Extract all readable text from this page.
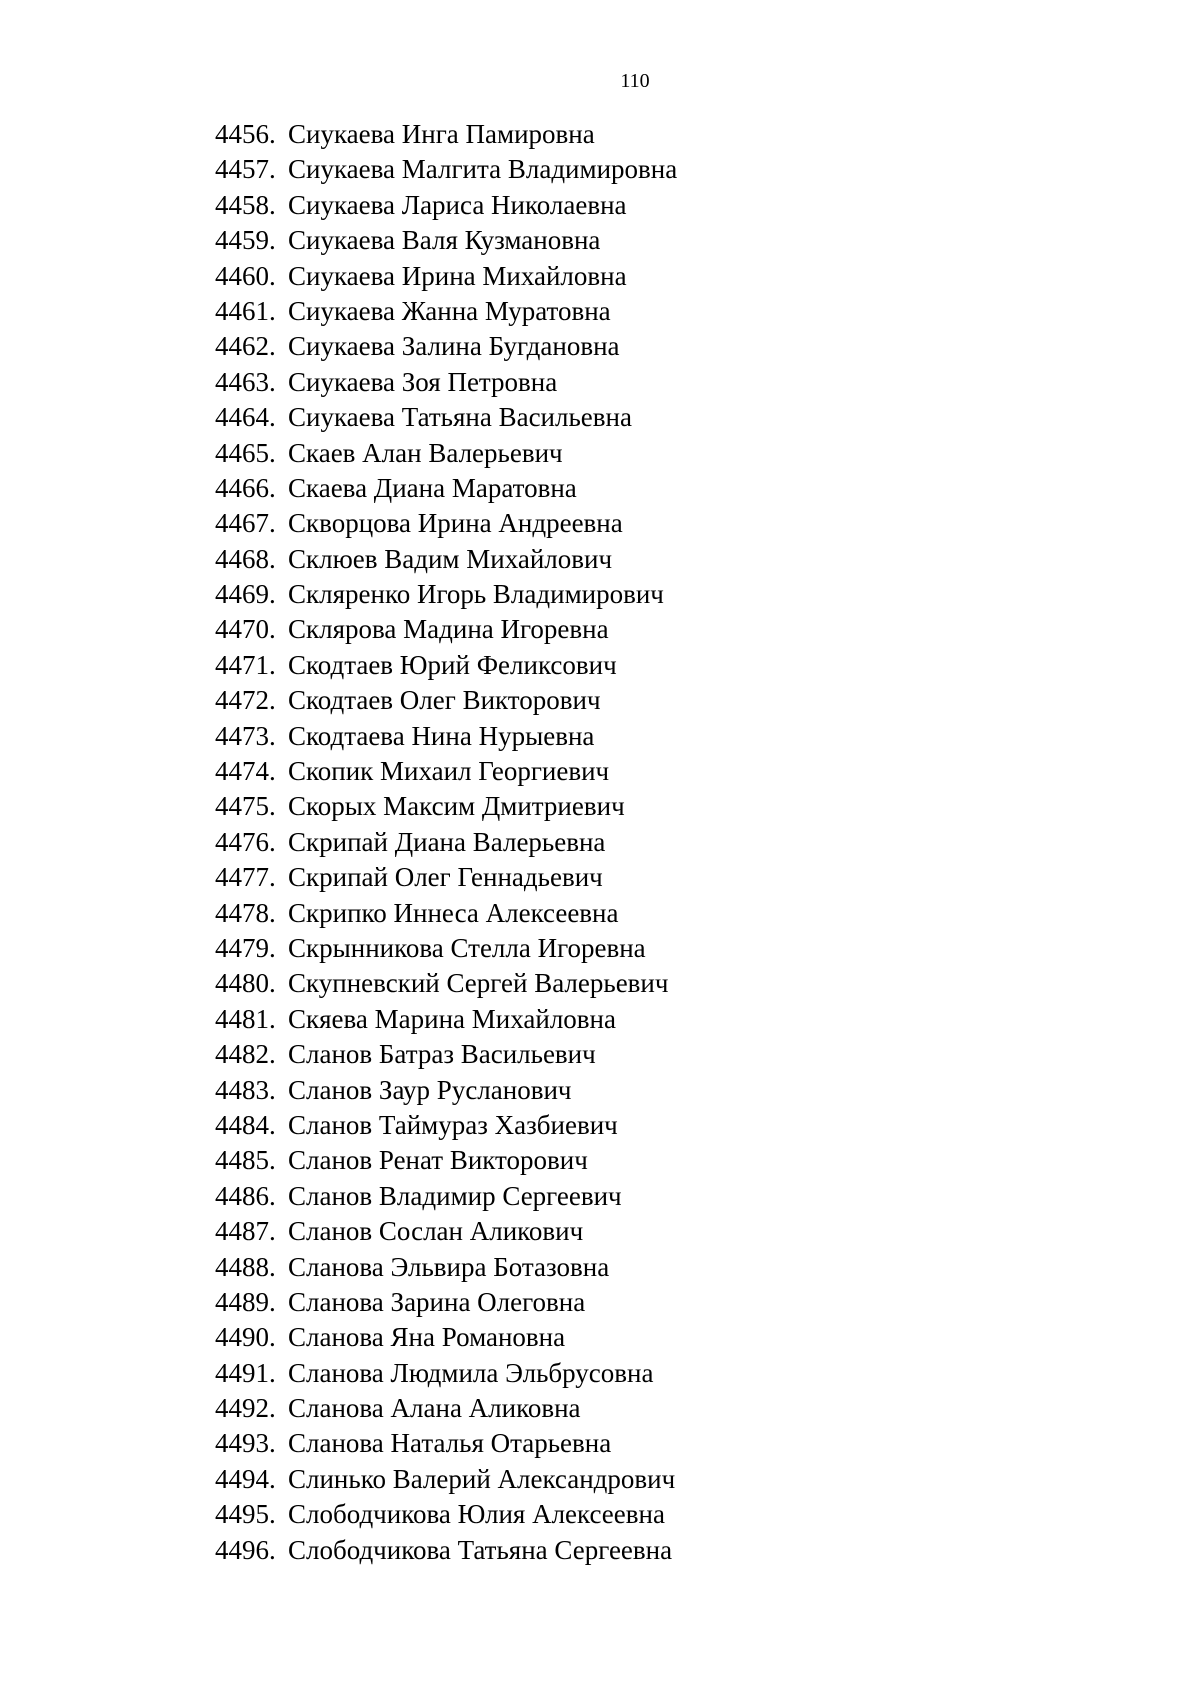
110
4456. Сиукаева Инга Памировна
4457. Сиукаева Малгита Владимировна
4458. Сиукаева Лариса Николаевна
4459. Сиукаева Валя Кузмановна
4460. Сиукаева Ирина Михайловна
4461. Сиукаева Жанна Муратовна
4462. Сиукаева Залина Бугдановна
4463. Сиукаева Зоя Петровна
4464. Сиукаева Татьяна Васильевна
4465. Скаев Алан Валерьевич
4466. Скаева Диана Маратовна
4467. Скворцова Ирина Андреевна
4468. Склюев Вадим Михайлович
4469. Скляренко Игорь Владимирович
4470. Склярова Мадина Игоревна
4471. Скодтаев Юрий Феликсович
4472. Скодтаев Олег Викторович
4473. Скодтаева Нина Нурыевна
4474. Скопик Михаил Георгиевич
4475. Скорых Максим Дмитриевич
4476. Скрипай Диана Валерьевна
4477. Скрипай Олег Геннадьевич
4478. Скрипко Иннеса Алексеевна
4479. Скрынникова Стелла Игоревна
4480. Скупневский Сергей Валерьевич
4481. Скяева Марина Михайловна
4482. Сланов Батраз Васильевич
4483. Сланов Заур Русланович
4484. Сланов Таймураз Хазбиевич
4485. Сланов Ренат Викторович
4486. Сланов Владимир Сергеевич
4487. Сланов Сослан Аликович
4488. Сланова Эльвира Ботазовна
4489. Сланова Зарина Олеговна
4490. Сланова Яна Романовна
4491. Сланова Людмила Эльбрусовна
4492. Сланова Алана Аликовна
4493. Сланова Наталья Отарьевна
4494. Слинько Валерий Александрович
4495. Слободчикова Юлия Алексеевна
4496. Слободчикова Татьяна Сергеевна
